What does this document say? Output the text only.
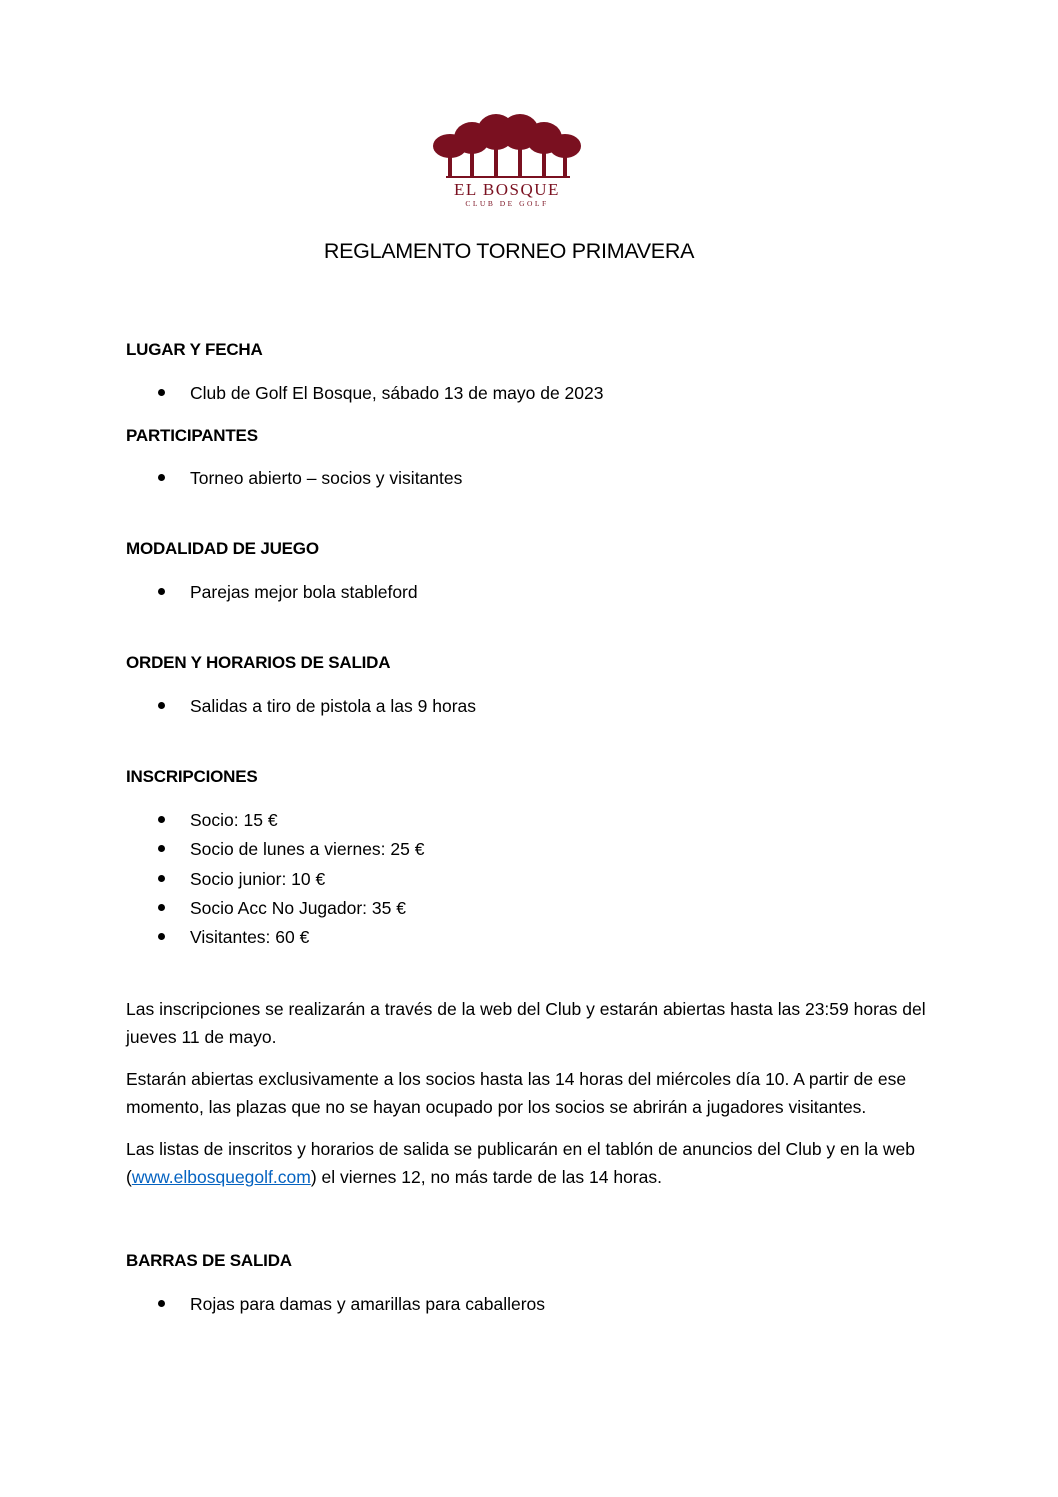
EL BOSQUE
CLUB DE GOLF
REGLAMENTO TORNEO PRIMAVERA
LUGAR Y FECHA
Club de Golf El Bosque, sábado 13 de mayo de 2023
PARTICIPANTES
Torneo abierto – socios y visitantes
MODALIDAD DE JUEGO
Parejas mejor bola stableford
ORDEN Y HORARIOS DE SALIDA
Salidas a tiro de pistola a las 9 horas
INSCRIPCIONES
Socio: 15 €
Socio de lunes a viernes: 25 €
Socio junior: 10 €
Socio Acc No Jugador: 35 €
Visitantes: 60 €
Las inscripciones se realizarán a través de la web del Club y estarán abiertas hasta las 23:59 horas del jueves 11 de mayo.
Estarán abiertas exclusivamente a los socios hasta las 14 horas del miércoles día 10. A partir de ese momento, las plazas que no se hayan ocupado por los socios se abrirán a jugadores visitantes.
Las listas de inscritos y horarios de salida se publicarán en el tablón de anuncios del Club y en la web (www.elbosquegolf.com) el viernes 12, no más tarde de las 14 horas.
BARRAS DE SALIDA
Rojas para damas y amarillas para caballeros
